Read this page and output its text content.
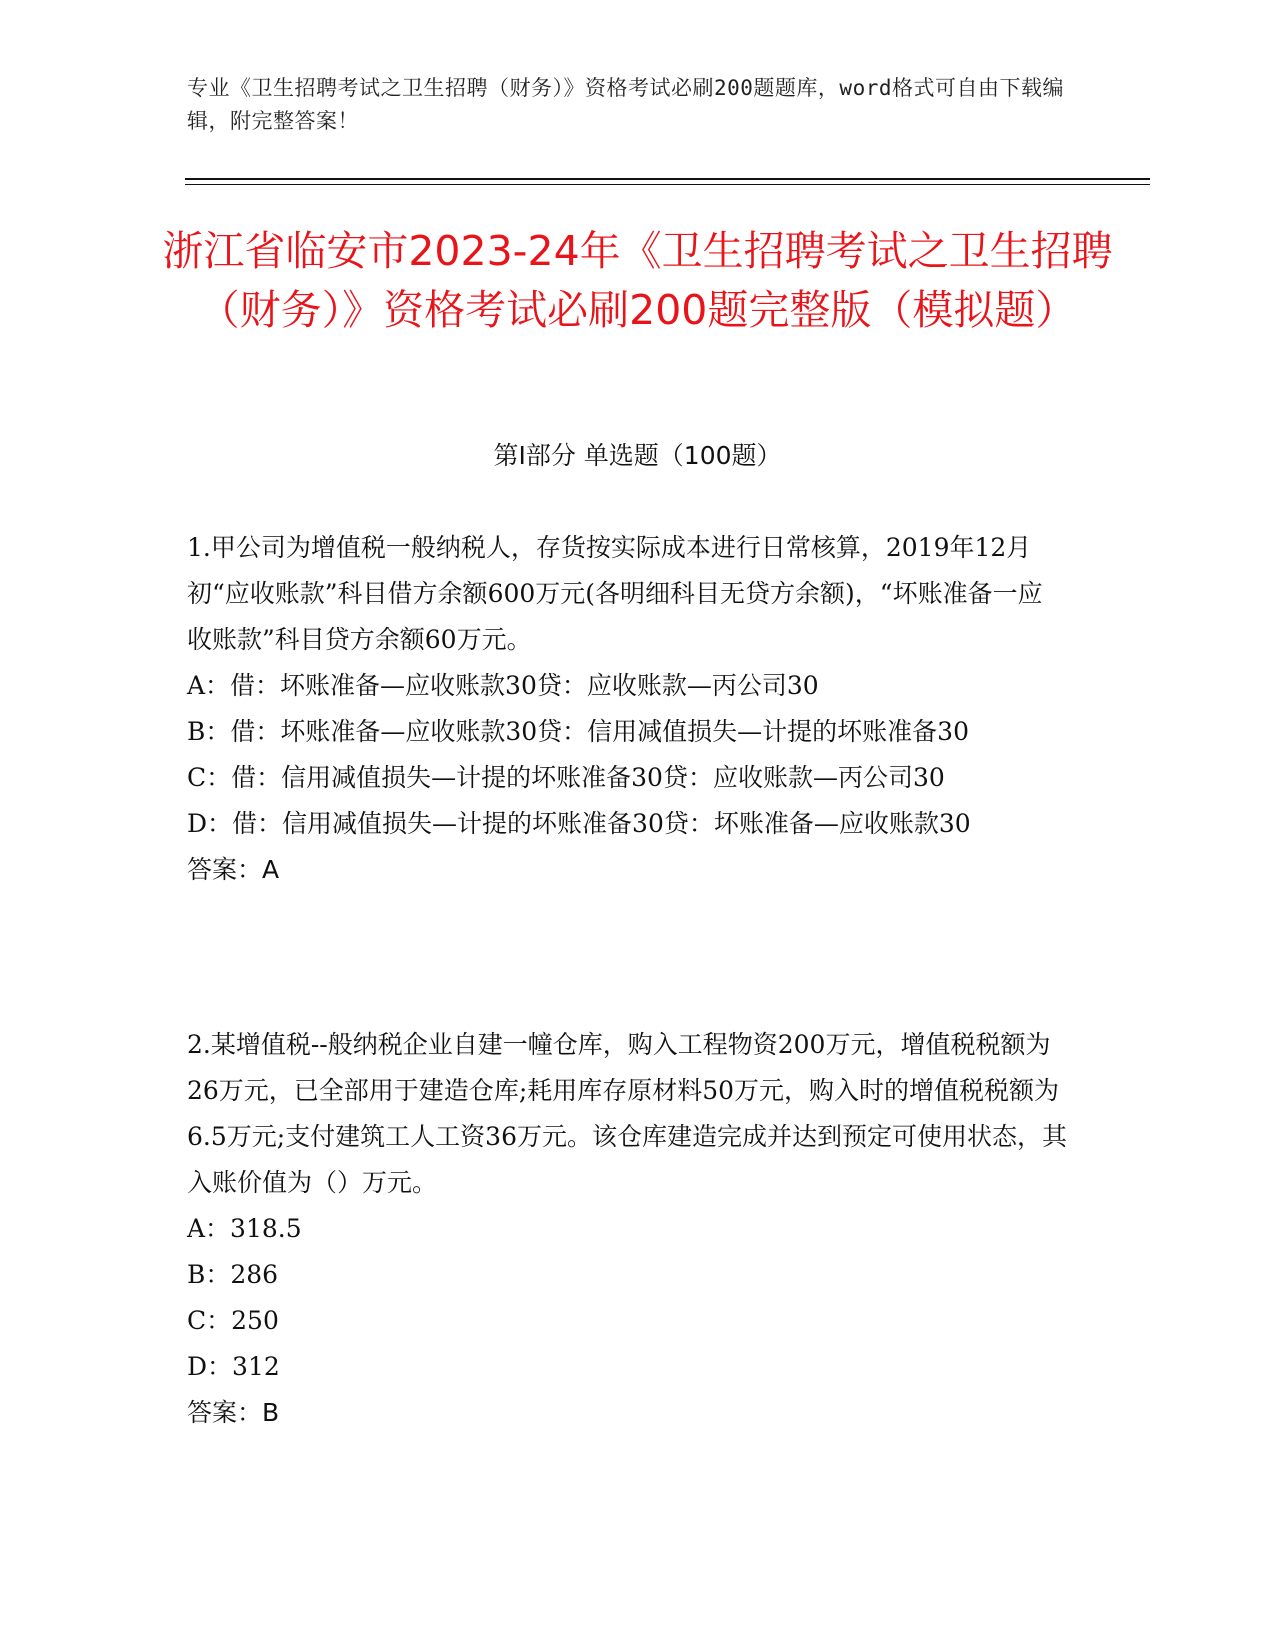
专业《卫生招聘考试之卫生招聘（财务）》资格考试必刷200题题库，word格式可自由下载编辑，附完整答案！
浙江省临安市2023-24年《卫生招聘考试之卫生招聘（财务）》资格考试必刷200题完整版（模拟题）
第Ⅰ部分 单选题（100题）

1.甲公司为增值税一般纳税人，存货按实际成本进行日常核算，2019年12月初“应收账款”科目借方余额600万元(各明细科目无贷方余额)，“坏账准备一应收账款”科目贷方余额60万元。

A：借：坏账准备—应收账款30贷：应收账款—丙公司30

B：借：坏账准备—应收账款30贷：信用减值损失—计提的坏账准备30

C：借：信用减值损失—计提的坏账准备30贷：应收账款—丙公司30

D：借：信用减值损失—计提的坏账准备30贷：坏账准备—应收账款30

答案：A

2.某增值税--般纳税企业自建一幢仓库，购入工程物资200万元，增值税税额为26万元，已全部用于建造仓库;耗用库存原材料50万元，购入时的增值税税额为6.5万元;支付建筑工人工资36万元。该仓库建造完成并达到预定可使用状态，其入账价值为（）万元。

A：318.5

B：286

C：250

D：312

答案：B
